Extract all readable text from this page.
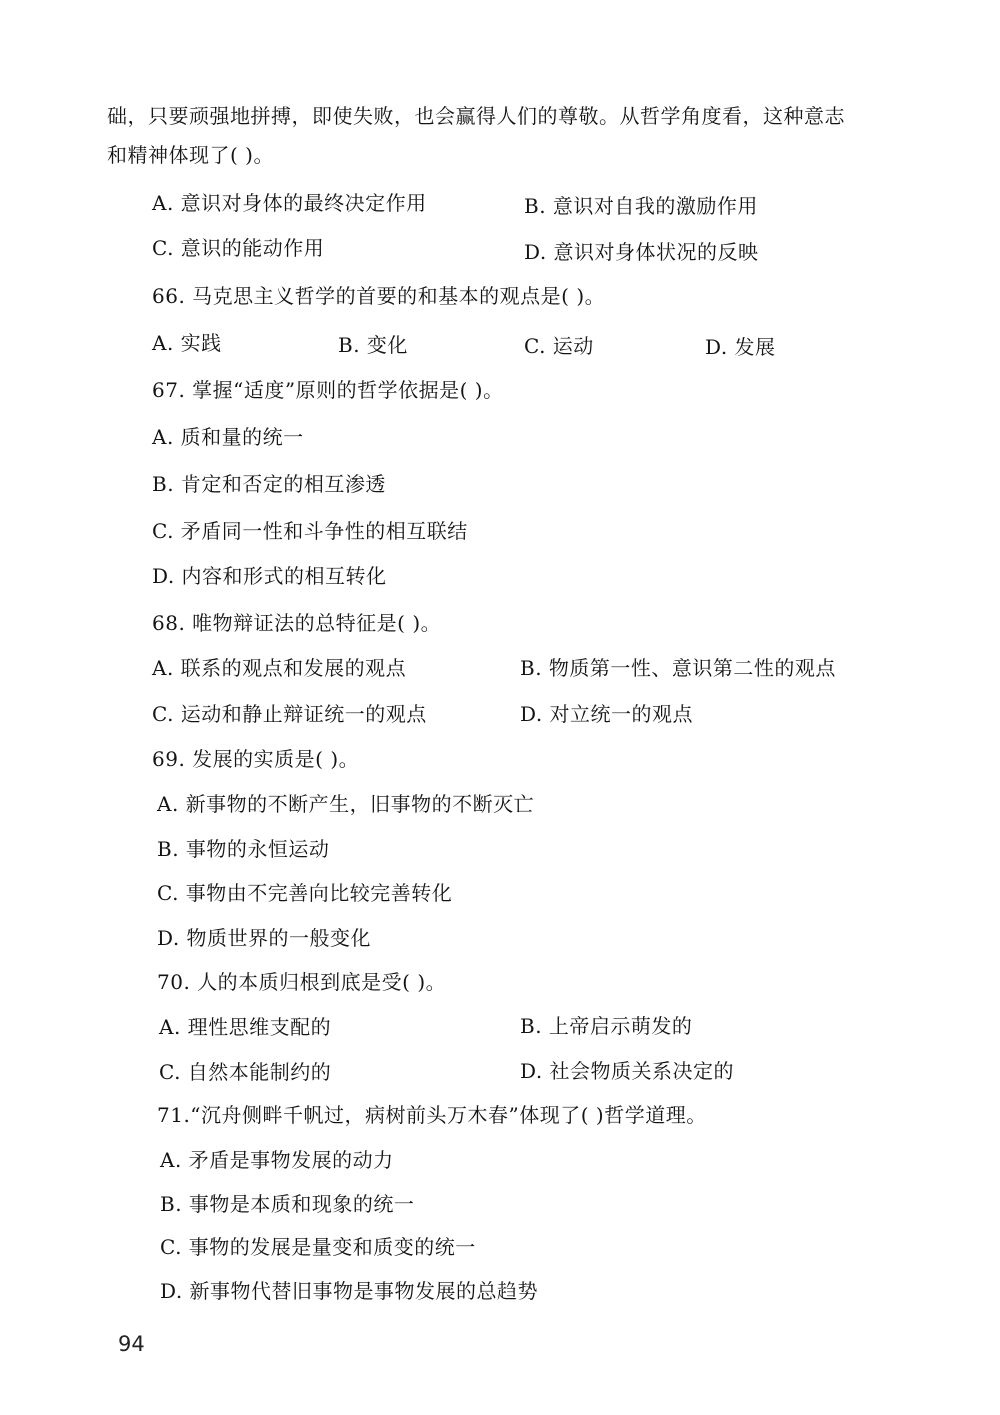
础，只要顽强地拼搏，即使失败，也会赢得人们的尊敬。从哲学角度看，这种意志
和精神体现了( )。
A. 意识对身体的最终决定作用	B. 意识对自我的激励作用
C. 意识的能动作用	D. 意识对身体状况的反映
66. 马克思主义哲学的首要的和基本的观点是( )。
A. 实践	B. 变化	C. 运动	D. 发展
67. 掌握“适度”原则的哲学依据是( )。
A. 质和量的统一
B. 肯定和否定的相互渗透
C. 矛盾同一性和斗争性的相互联结
D. 内容和形式的相互转化
68. 唯物辩证法的总特征是( )。
A. 联系的观点和发展的观点	B. 物质第一性、意识第二性的观点
C. 运动和静止辩证统一的观点	D. 对立统一的观点
69. 发展的实质是( )。
A. 新事物的不断产生，旧事物的不断灭亡
B. 事物的永恒运动
C. 事物由不完善向比较完善转化
D. 物质世界的一般变化
70. 人的本质归根到底是受( )。
A. 理性思维支配的	B. 上帝启示萌发的
C. 自然本能制约的	D. 社会物质关系决定的
71.“沉舟侧畔千帆过，病树前头万木春”体现了( )哲学道理。
A. 矛盾是事物发展的动力
B. 事物是本质和现象的统一
C. 事物的发展是量变和质变的统一
D. 新事物代替旧事物是事物发展的总趋势
94
